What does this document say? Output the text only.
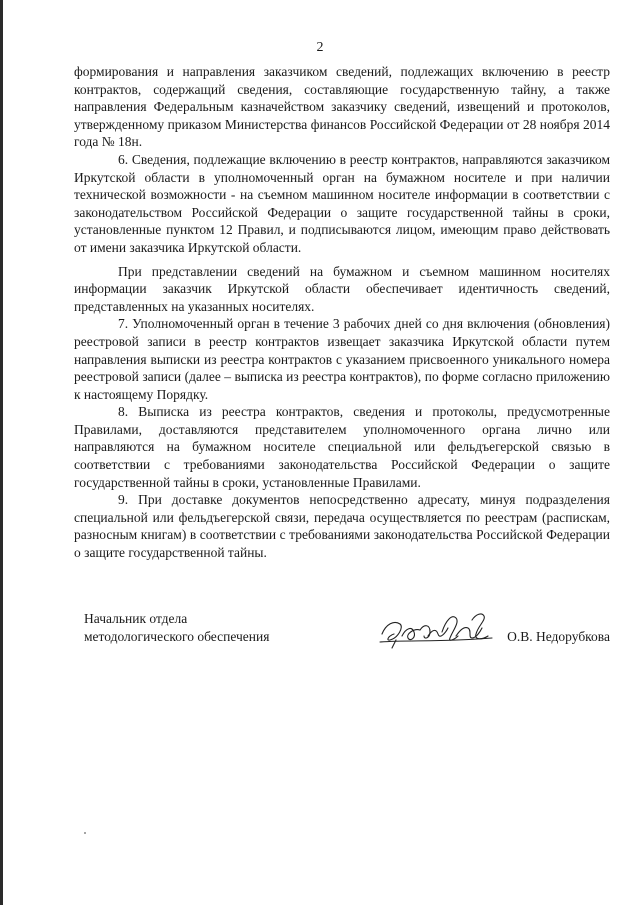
2

формирования и направления заказчиком сведений, подлежащих включению в реестр контрактов, содержащий сведения, составляющие государственную тайну, а также направления Федеральным казначейством заказчику сведений, извещений и протоколов, утвержденному приказом Министерства финансов Российской Федерации от 28 ноября 2014 года № 18н.

6. Сведения, подлежащие включению в реестр контрактов, направляются заказчиком Иркутской области в уполномоченный орган на бумажном носителе и при наличии технической возможности - на съемном машинном носителе информации в соответствии с законодательством Российской Федерации о защите государственной тайны в сроки, установленные пунктом 12 Правил, и подписываются лицом, имеющим право действовать от имени заказчика Иркутской области.

При представлении сведений на бумажном и съемном машинном носителях информации заказчик Иркутской области обеспечивает идентичность сведений, представленных на указанных носителях.

7. Уполномоченный орган в течение 3 рабочих дней со дня включения (обновления) реестровой записи в реестр контрактов извещает заказчика Иркутской области путем направления выписки из реестра контрактов с указанием присвоенного уникального номера реестровой записи (далее – выписка из реестра контрактов), по форме согласно приложению к настоящему Порядку.

8. Выписка из реестра контрактов, сведения и протоколы, предусмотренные Правилами, доставляются представителем уполномоченного органа лично или направляются на бумажном носителе специальной или фельдъегерской связью в соответствии с требованиями законодательства Российской Федерации о защите государственной тайны в сроки, установленные Правилами.

9. При доставке документов непосредственно адресату, минуя подразделения специальной или фельдъегерской связи, передача осуществляется по реестрам (распискам, разносным книгам) в соответствии с требованиями законодательства Российской Федерации о защите государственной тайны.

Начальник отдела
методологического обеспечения	О.В. Недорубкова
